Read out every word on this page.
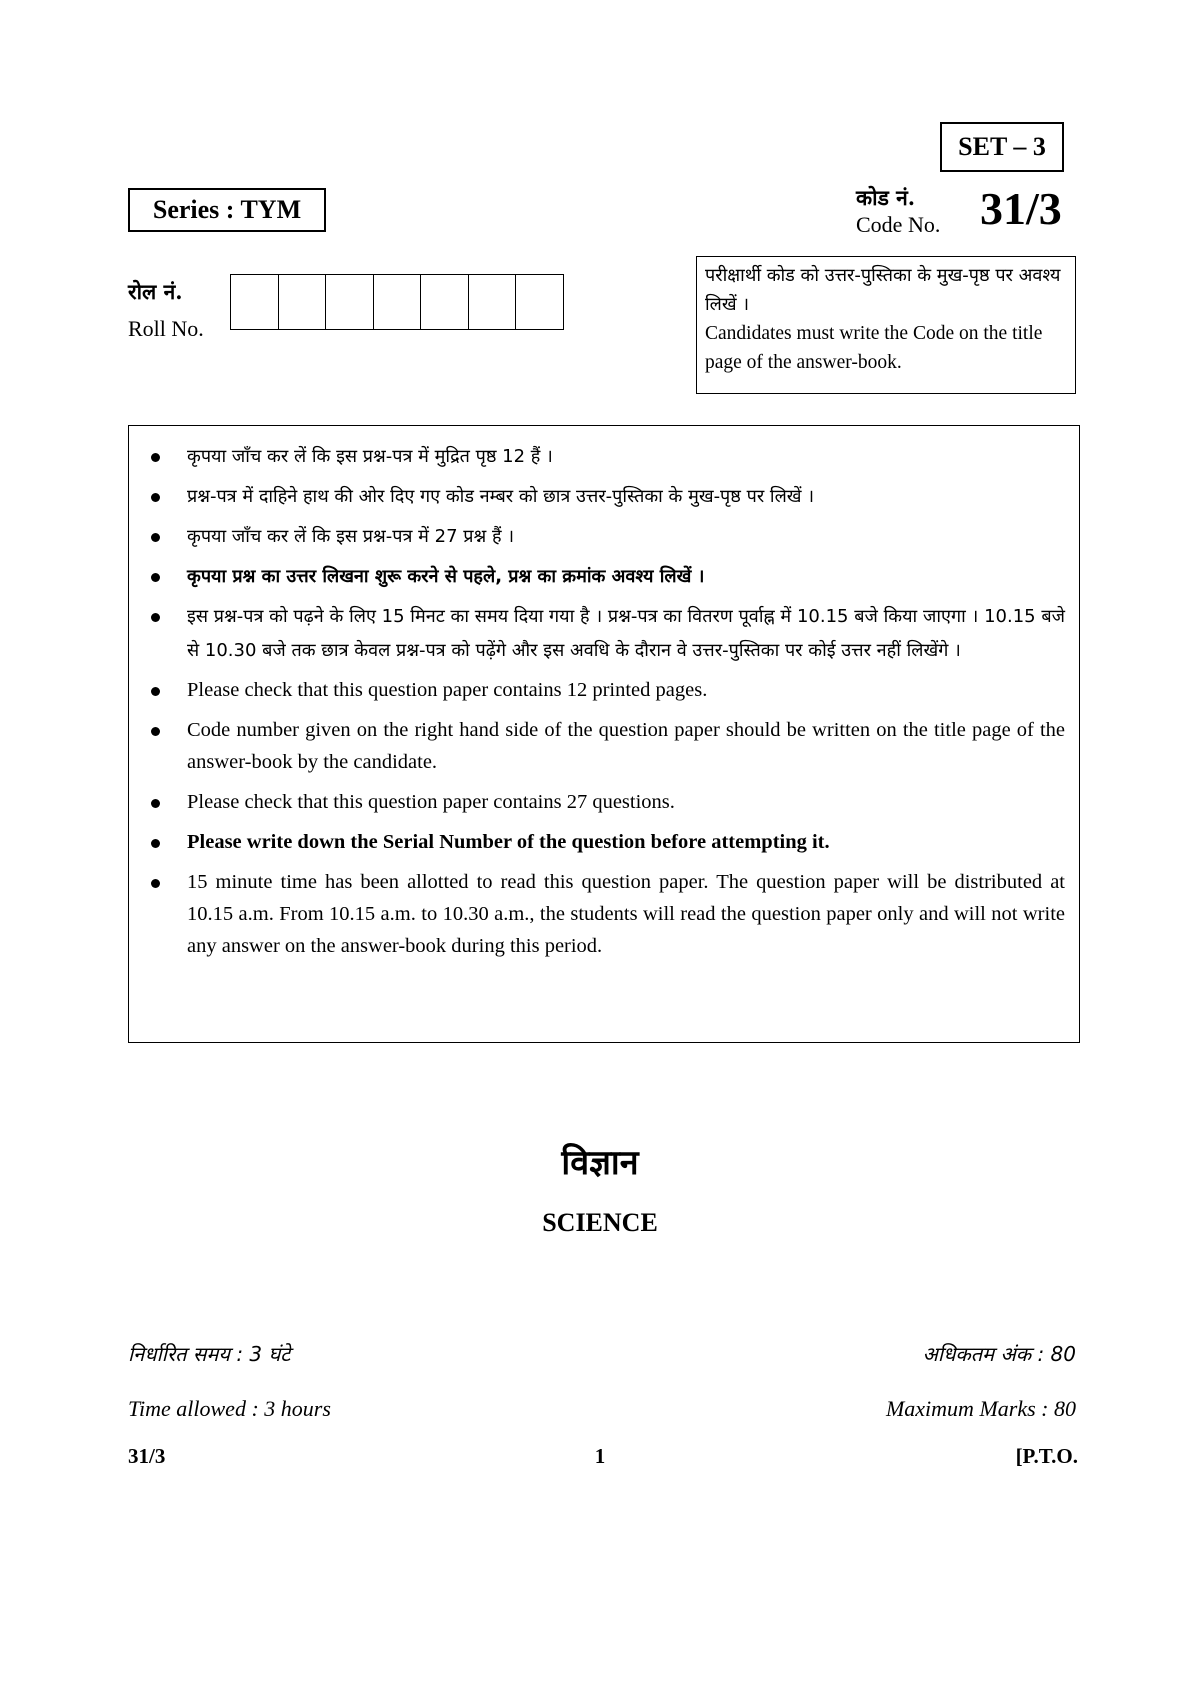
SET – 3
Series : TYM	कोड नं.
Code No. 31/3
रोल नं.
Roll No.
परीक्षार्थी कोड को उत्तर-पुस्तिका के मुख-पृष्ठ पर अवश्य लिखें ।
Candidates must write the Code on the title page of the answer-book.
कृपया जाँच कर लें कि इस प्रश्न-पत्र में मुद्रित पृष्ठ 12 हैं ।
प्रश्न-पत्र में दाहिने हाथ की ओर दिए गए कोड नम्बर को छात्र उत्तर-पुस्तिका के मुख-पृष्ठ पर लिखें ।
कृपया जाँच कर लें कि इस प्रश्न-पत्र में 27 प्रश्न हैं ।
कृपया प्रश्न का उत्तर लिखना शुरू करने से पहले, प्रश्न का क्रमांक अवश्य लिखें ।
इस प्रश्न-पत्र को पढ़ने के लिए 15 मिनट का समय दिया गया है । प्रश्न-पत्र का वितरण पूर्वाह्न में 10.15 बजे किया जाएगा । 10.15 बजे से 10.30 बजे तक छात्र केवल प्रश्न-पत्र को पढ़ेंगे और इस अवधि के दौरान वे उत्तर-पुस्तिका पर कोई उत्तर नहीं लिखेंगे ।
Please check that this question paper contains 12 printed pages.
Code number given on the right hand side of the question paper should be written on the title page of the answer-book by the candidate.
Please check that this question paper contains 27 questions.
Please write down the Serial Number of the question before attempting it.
15 minute time has been allotted to read this question paper. The question paper will be distributed at 10.15 a.m. From 10.15 a.m. to 10.30 a.m., the students will read the question paper only and will not write any answer on the answer-book during this period.
विज्ञान
SCIENCE
निर्धारित समय : 3 घंटे	अधिकतम अंक : 80
Time allowed : 3 hours	Maximum Marks : 80
31/3	1	[P.T.O.
